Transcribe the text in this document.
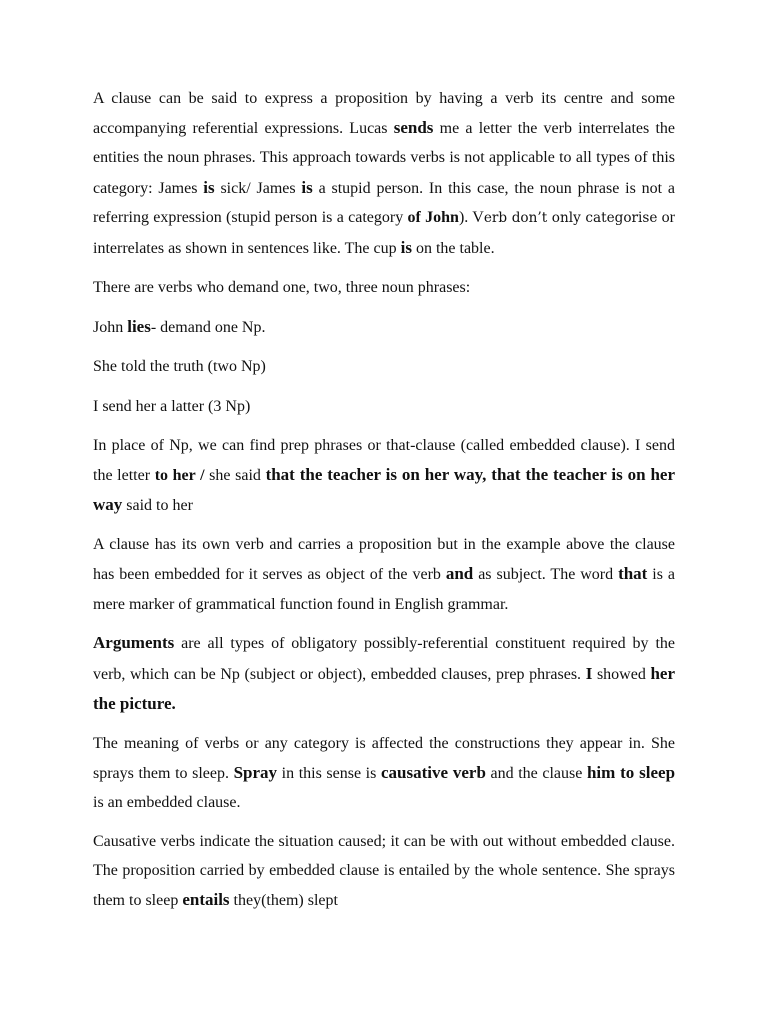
A clause can be said to express a proposition by having a verb its centre and some accompanying referential expressions. Lucas sends me a letter the verb interrelates the entities the noun phrases. This approach towards verbs is not applicable to all types of this category: James is sick/ James is a stupid person. In this case, the noun phrase is not a referring expression (stupid person is a category of John). Verb don’t only categorise or interrelates as shown in sentences like. The cup is on the table.

There are verbs who demand one, two, three noun phrases:

John lies- demand one Np.

She told the truth (two Np)

I send her a latter (3 Np)

In place of Np, we can find prep phrases or that-clause (called embedded clause). I send the letter to her / she said that the teacher is on her way, that the teacher is on her way said to her

A clause has its own verb and carries a proposition but in the example above the clause has been embedded for it serves as object of the verb and as subject. The word that is a mere marker of grammatical function found in English grammar.

Arguments are all types of obligatory possibly-referential constituent required by the verb, which can be Np (subject or object), embedded clauses, prep phrases. I showed her the picture.

The meaning of verbs or any category is affected the constructions they appear in. She sprays them to sleep. Spray in this sense is causative verb and the clause him to sleep is an embedded clause.

Causative verbs indicate the situation caused; it can be with out without embedded clause. The proposition carried by embedded clause is entailed by the whole sentence. She sprays them to sleep entails they(them) slept
